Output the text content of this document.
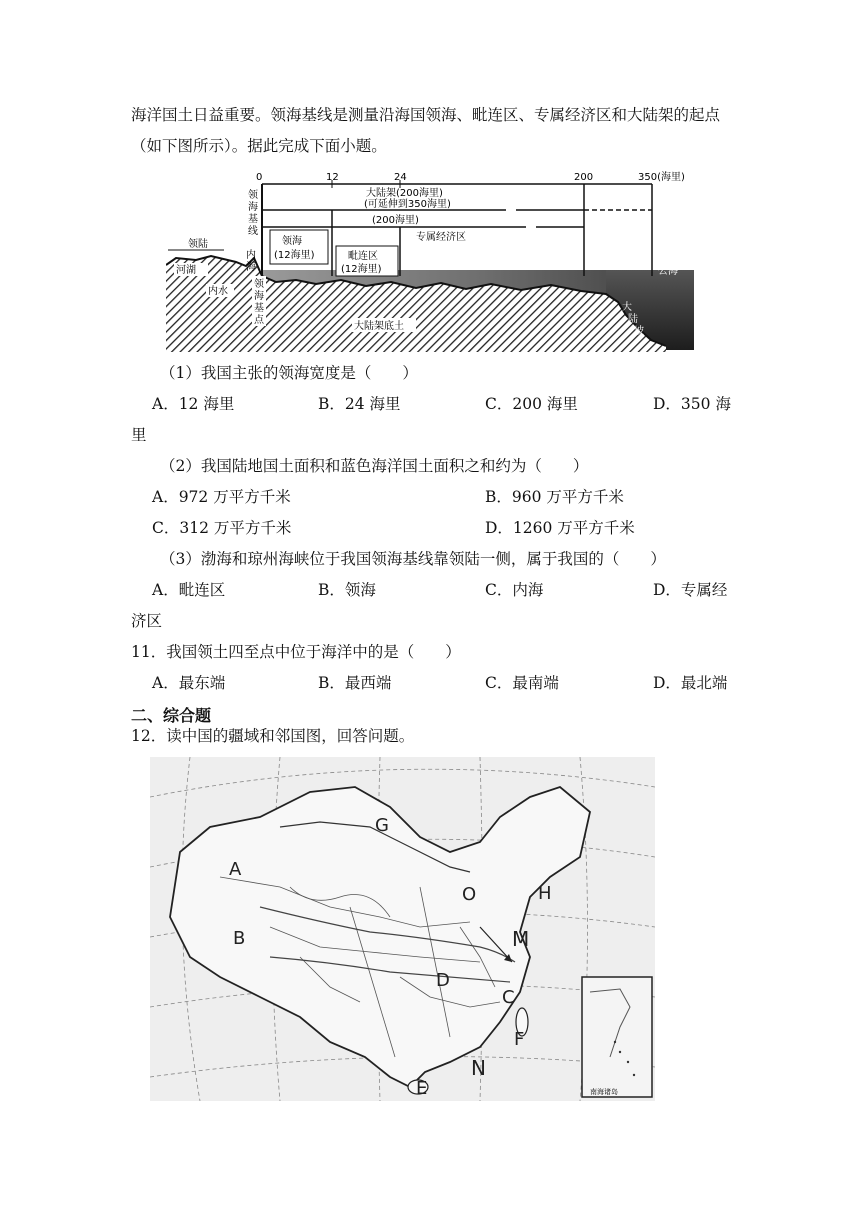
海洋国土日益重要。领海基线是测量沿海国领海、毗连区、专属经济区和大陆架的起点
（如下图所示）。据此完成下面小题。
0	12	24	200	350(海里)
大陆架(200海里)
(可延伸到350海里)
(200海里)
专属经济区
领海
(12海里)	毗连区
(12海里)
领
海
基
线
领陆
河湖
内水
内
海
领
海
基
点
公海
大陆架底土
大
陆
坡
（1）我国主张的领海宽度是（　　）
A．12 海里	B．24 海里	C．200 海里	D．350 海
里
（2）我国陆地国土面积和蓝色海洋国土面积之和约为（　　）
A．972 万平方千米	B．960 万平方千米
C．312 万平方千米	D．1260 万平方千米
（3）渤海和琼州海峡位于我国领海基线靠领陆一侧，属于我国的（　　）
A．毗连区	B．领海	C．内海	D．专属经
济区
11．我国领土四至点中位于海洋中的是（　　）
A．最东端	B．最西端	C．最南端	D．最北端
二、综合题
12．读中国的疆域和邻国图，回答问题。
南海诸岛
G
A
B
O	H
M
D
C
F
N
E
